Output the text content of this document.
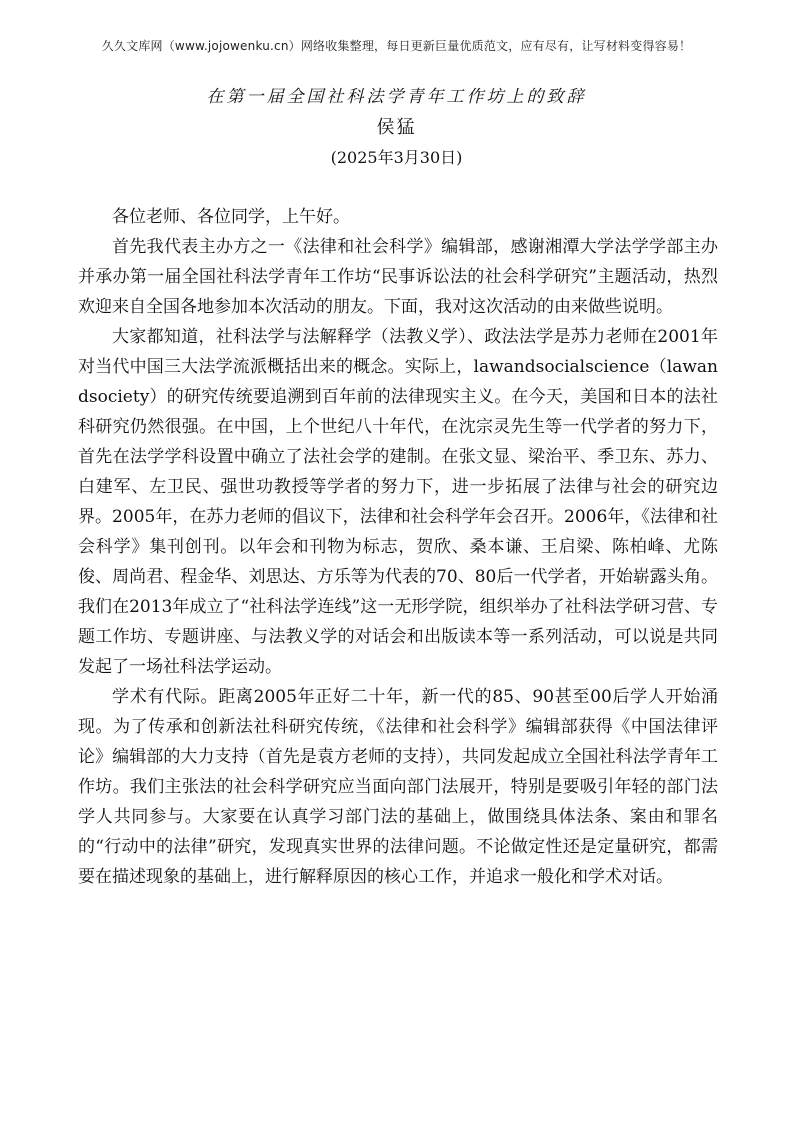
久久文库网（www.jojowenku.cn）网络收集整理，每日更新巨量优质范文，应有尽有，让写材料变得容易！
在第一届全国社科法学青年工作坊上的致辞
侯猛
(2025年3月30日)

各位老师、各位同学，上午好。

首先我代表主办方之一《法律和社会科学》编辑部，感谢湘潭大学法学学部主办并承办第一届全国社科法学青年工作坊“民事诉讼法的社会科学研究”主题活动，热烈欢迎来自全国各地参加本次活动的朋友。下面，我对这次活动的由来做些说明。

大家都知道，社科法学与法解释学（法教义学）、政法法学是苏力老师在2001年对当代中国三大法学流派概括出来的概念。实际上，lawandsocialscience（lawandsociety）的研究传统要追溯到百年前的法律现实主义。在今天，美国和日本的法社科研究仍然很强。在中国，上个世纪八十年代，在沈宗灵先生等一代学者的努力下，首先在法学学科设置中确立了法社会学的建制。在张文显、梁治平、季卫东、苏力、白建军、左卫民、强世功教授等学者的努力下，进一步拓展了法律与社会的研究边界。2005年，在苏力老师的倡议下，法律和社会科学年会召开。2006年，《法律和社会科学》集刊创刊。以年会和刊物为标志，贺欣、桑本谦、王启梁、陈柏峰、尤陈俊、周尚君、程金华、刘思达、方乐等为代表的70、80后一代学者，开始崭露头角。我们在2013年成立了“社科法学连线”这一无形学院，组织举办了社科法学研习营、专题工作坊、专题讲座、与法教义学的对话会和出版读本等一系列活动，可以说是共同发起了一场社科法学运动。

学术有代际。距离2005年正好二十年，新一代的85、90甚至00后学人开始涌现。为了传承和创新法社科研究传统，《法律和社会科学》编辑部获得《中国法律评论》编辑部的大力支持（首先是袁方老师的支持），共同发起成立全国社科法学青年工作坊。我们主张法的社会科学研究应当面向部门法展开，特别是要吸引年轻的部门法学人共同参与。大家要在认真学习部门法的基础上，做围绕具体法条、案由和罪名的“行动中的法律”研究，发现真实世界的法律问题。不论做定性还是定量研究，都需要在描述现象的基础上，进行解释原因的核心工作，并追求一般化和学术对话。
